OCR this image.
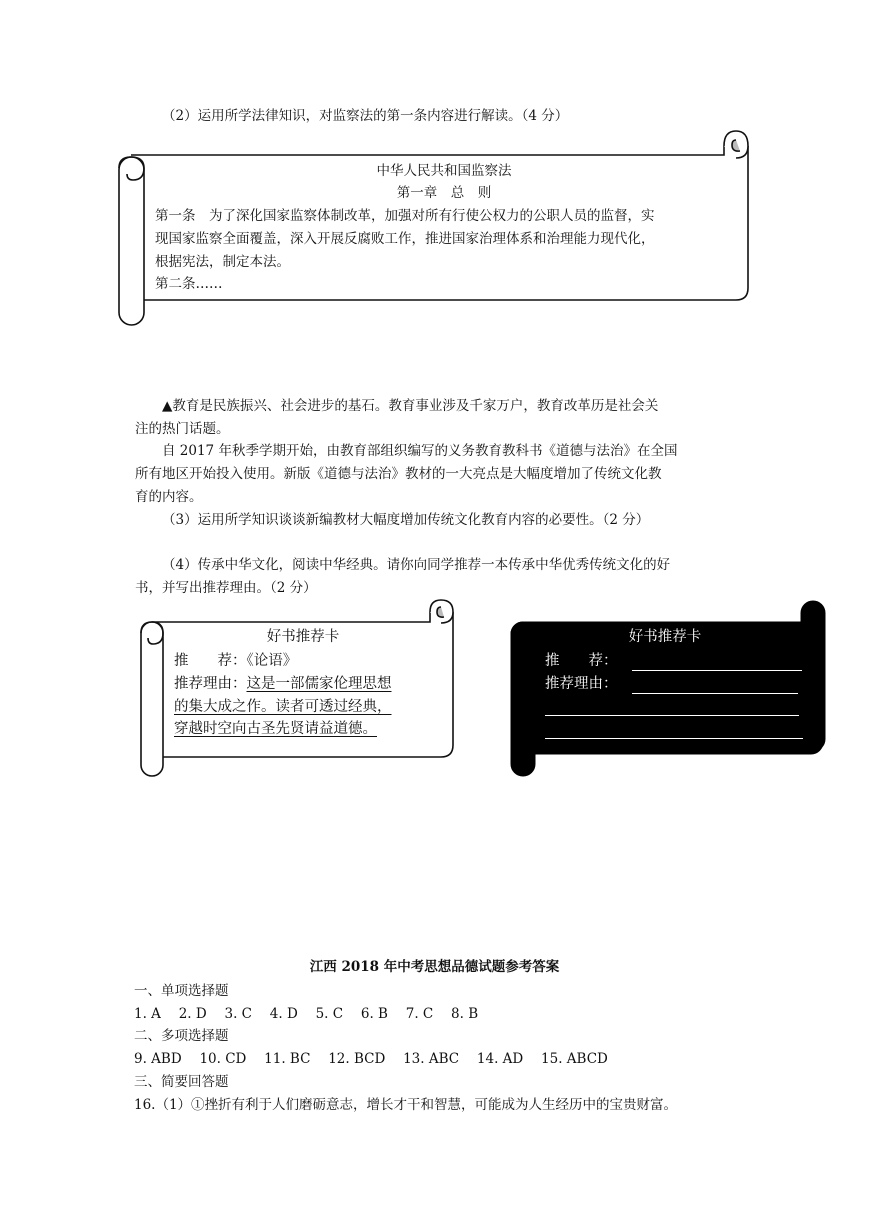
（2）运用所学法律知识，对监察法的第一条内容进行解读。（4 分）
中华人民共和国监察法
第一章　总　则
第一条　为了深化国家监察体制改革，加强对所有行使公权力的公职人员的监督，实
现国家监察全面覆盖，深入开展反腐败工作，推进国家治理体系和治理能力现代化，
根据宪法，制定本法。
第二条……
▲教育是民族振兴、社会进步的基石。教育事业涉及千家万户，教育改革历是社会关
注的热门话题。
自 2017 年秋季学期开始，由教育部组织编写的义务教育教科书《道德与法治》在全国
所有地区开始投入使用。新版《道德与法治》教材的一大亮点是大幅度增加了传统文化教
育的内容。
（3）运用所学知识谈谈新编教材大幅度增加传统文化教育内容的必要性。（2 分）
（4）传承中华文化，阅读中华经典。请你向同学推荐一本传承中华优秀传统文化的好
书，并写出推荐理由。（2 分）
好书推荐卡
推　　荐：《论语》
推荐理由：这是一部儒家伦理思想
的集大成之作。读者可透过经典，
穿越时空向古圣先贤请益道德。
好书推荐卡
推　　荐：
推荐理由：
江西 2018 年中考思想品德试题参考答案
一、单项选择题
1. A　 2. D　 3. C　 4. D　 5. C　 6. B　 7. C　 8. B
二、多项选择题
9. ABD　 10. CD　 11. BC　 12. BCD　 13. ABC　 14. AD　 15. ABCD
三、简要回答题
16.（1）①挫折有利于人们磨砺意志，增长才干和智慧，可能成为人生经历中的宝贵财富。
